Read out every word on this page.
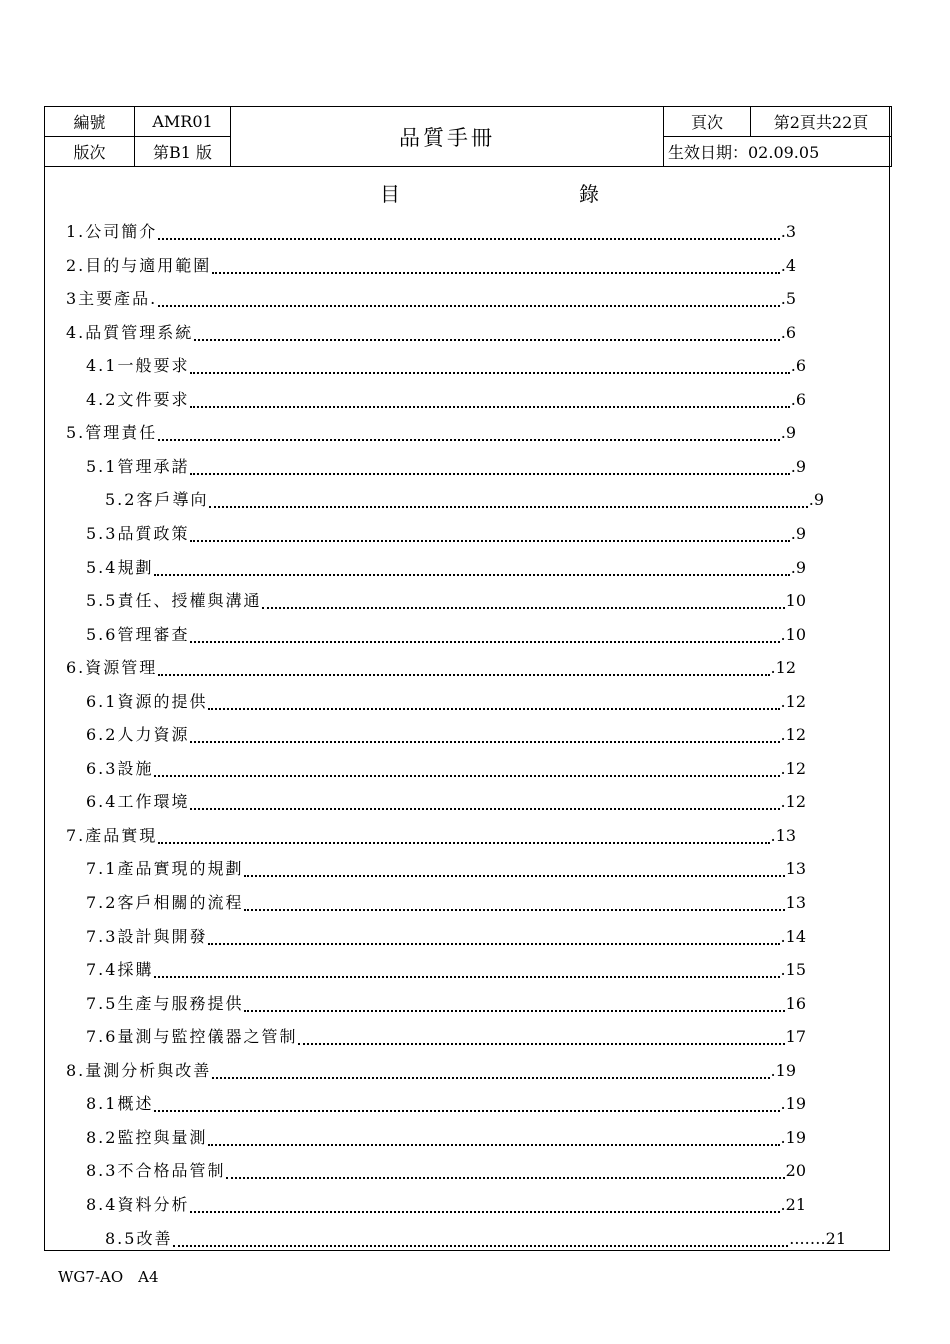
編號	AMR01	品質手冊	頁次	第2頁共22頁
版次	第B1 版		生效日期：02.09.05	
目	錄
1.公司簡介	.3
2.目的与適用範圍	.4
3主要產品.	.5
4.品質管理系統	.6
4.1一般要求	.6
4.2文件要求	.6
5.管理責任	.9
5.1管理承諾	.9
5.2客戶導向	.9
5.3品質政策	.9
5.4規劃	.9
5.5責任、授權與溝通	10
5.6管理審查	.10
6.資源管理	.12
6.1資源的提供	.12
6.2人力資源	.12
6.3設施	.12
6.4工作環境	.12
7.產品實現	.13
7.1產品實現的規劃	13
7.2客戶相關的流程	13
7.3設計與開發	.14
7.4採購	.15
7.5生產与服務提供	16
7.6量測与監控儀器之管制	17
8.量測分析與改善	.19
8.1概述	.19
8.2監控與量測	.19
8.3不合格品管制	20
8.4資料分析	.21
8.5改善	...….21
WG7-AO　A4
